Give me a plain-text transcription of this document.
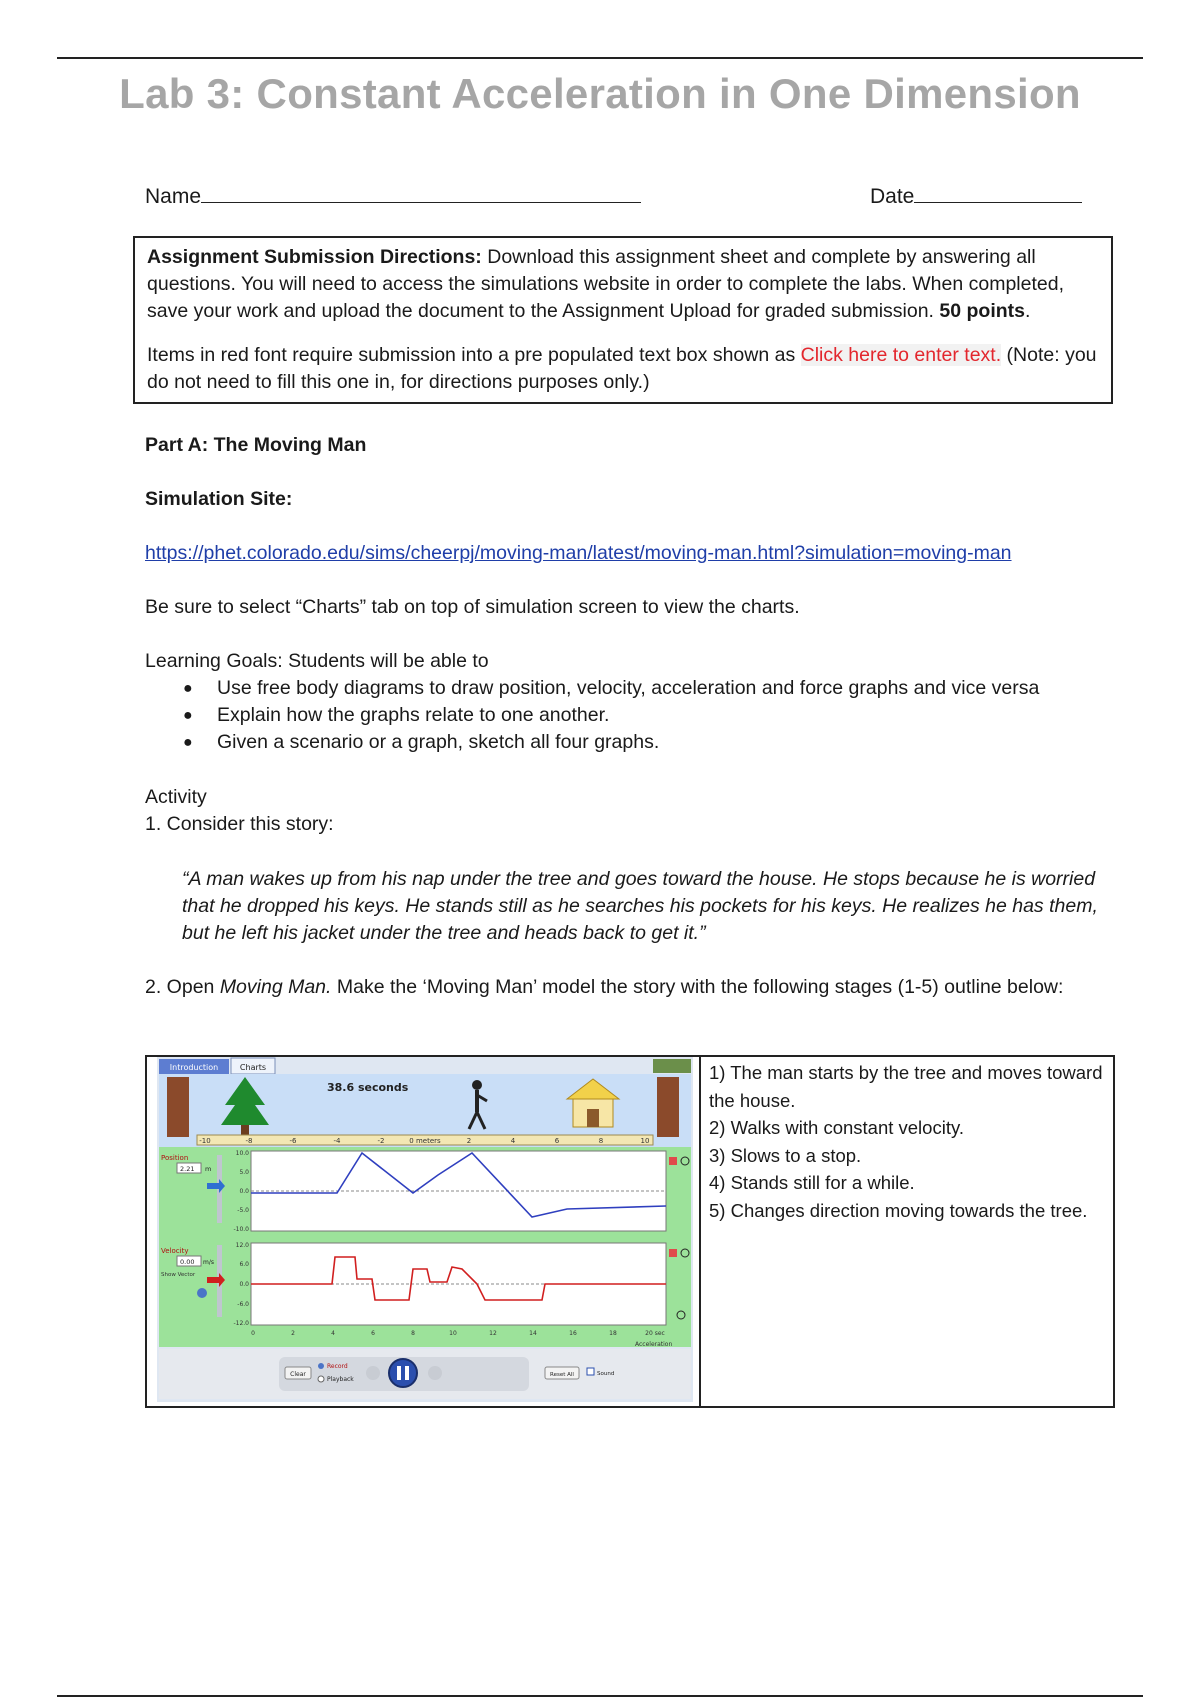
Lab 3: Constant Acceleration in One Dimension
Name	Date

Assignment Submission Directions: Download this assignment sheet and complete by answering all questions. You will need to access the simulations website in order to complete the labs. When completed, save your work and upload the document to the Assignment Upload for graded submission. 50 points.

Items in red font require submission into a pre populated text box shown as Click here to enter text. (Note: you do not need to fill this one in, for directions purposes only.)

Part A: The Moving Man
Simulation Site:
https://phet.colorado.edu/sims/cheerpj/moving-man/latest/moving-man.html?simulation=moving-man
Be sure to select “Charts” tab on top of simulation screen to view the charts.
Learning Goals: Students will be able to
● Use free body diagrams to draw position, velocity, acceleration and force graphs and vice versa
● Explain how the graphs relate to one another.
● Given a scenario or a graph, sketch all four graphs.
Activity
1. Consider this story:
“A man wakes up from his nap under the tree and goes toward the house. He stops because he is worried that he dropped his keys. He stands still as he searches his pockets for his keys. He realizes he has them, but he left his jacket under the tree and heads back to get it.”
2. Open Moving Man. Make the ‘Moving Man’ model the story with the following stages (1-5) outline below:
Introduction	Charts
38.6 seconds
-10	-8	-6	-4	-2	0 meters	2	4	6	8	10
Position
2.21 m
10.0
5.0
0.0
-5.0
-10.0
Velocity
0.00 m/s
Show Vector
12.0
6.0
0.0
-6.0
-12.0
0	2	4	6	8	10	12	14	16	18	20 sec
Acceleration
Clear
Record
Playback
Reset All	Sound
1) The man starts by the tree and moves toward the house.
2) Walks with constant velocity.
3) Slows to a stop.
4) Stands still for a while.
5) Changes direction moving towards the tree.
